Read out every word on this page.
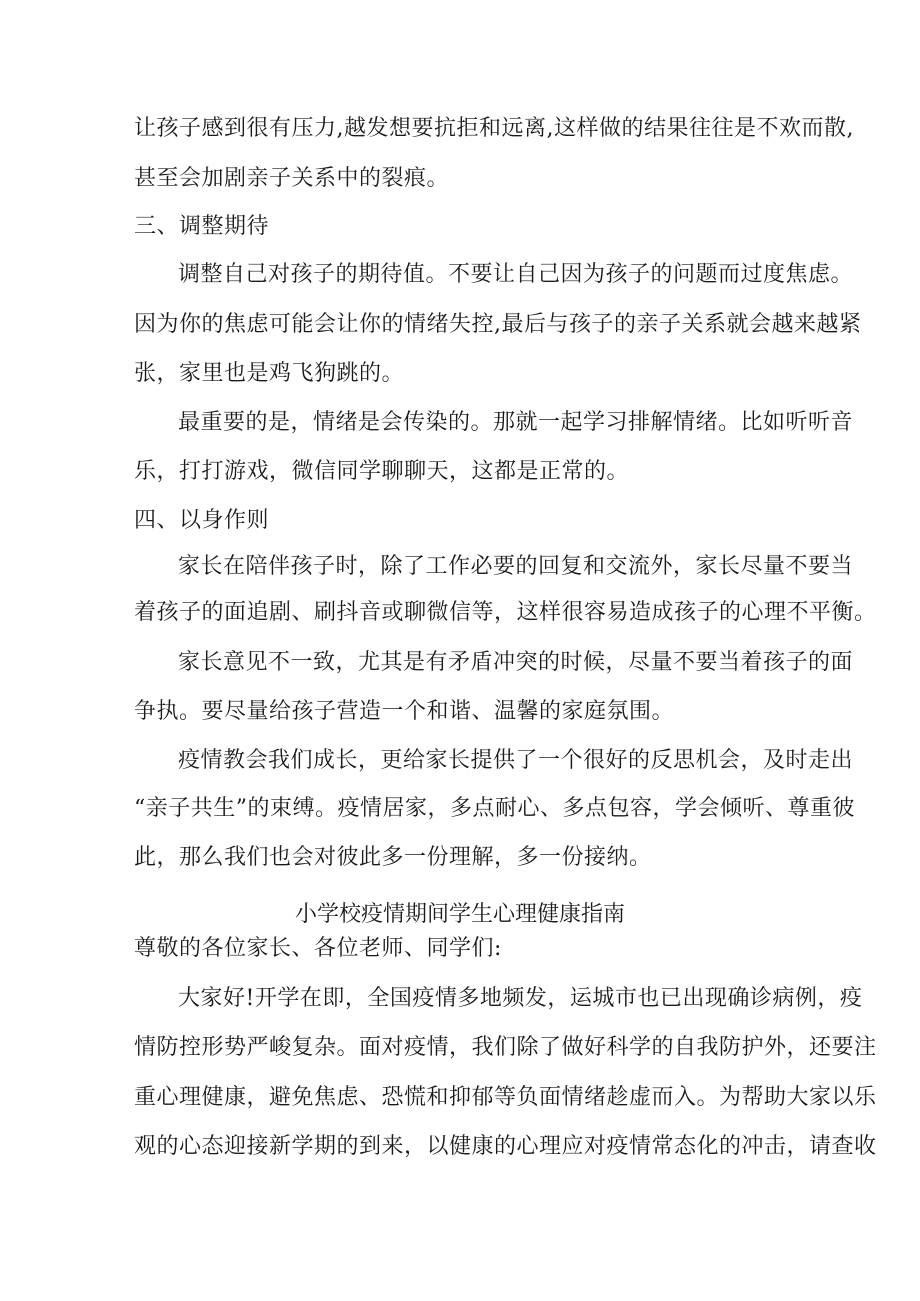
让孩子感到很有压力,越发想要抗拒和远离,这样做的结果往往是不欢而散,
甚至会加剧亲子关系中的裂痕。
三、调整期待
调整自己对孩子的期待值。不要让自己因为孩子的问题而过度焦虑。
因为你的焦虑可能会让你的情绪失控,最后与孩子的亲子关系就会越来越紧
张，家里也是鸡飞狗跳的。
最重要的是，情绪是会传染的。那就一起学习排解情绪。比如听听音
乐，打打游戏，微信同学聊聊天，这都是正常的。
四、以身作则
家长在陪伴孩子时，除了工作必要的回复和交流外，家长尽量不要当
着孩子的面追剧、刷抖音或聊微信等，这样很容易造成孩子的心理不平衡。
家长意见不一致，尤其是有矛盾冲突的时候，尽量不要当着孩子的面
争执。要尽量给孩子营造一个和谐、温馨的家庭氛围。
疫情教会我们成长，更给家长提供了一个很好的反思机会，及时走出
“亲子共生”的束缚。疫情居家，多点耐心、多点包容，学会倾听、尊重彼
此，那么我们也会对彼此多一份理解，多一份接纳。
小学校疫情期间学生心理健康指南
尊敬的各位家长、各位老师、同学们:
大家好!开学在即，全国疫情多地频发，运城市也已出现确诊病例，疫
情防控形势严峻复杂。面对疫情，我们除了做好科学的自我防护外，还要注
重心理健康，避免焦虑、恐慌和抑郁等负面情绪趁虚而入。为帮助大家以乐
观的心态迎接新学期的到来，以健康的心理应对疫情常态化的冲击，请查收
